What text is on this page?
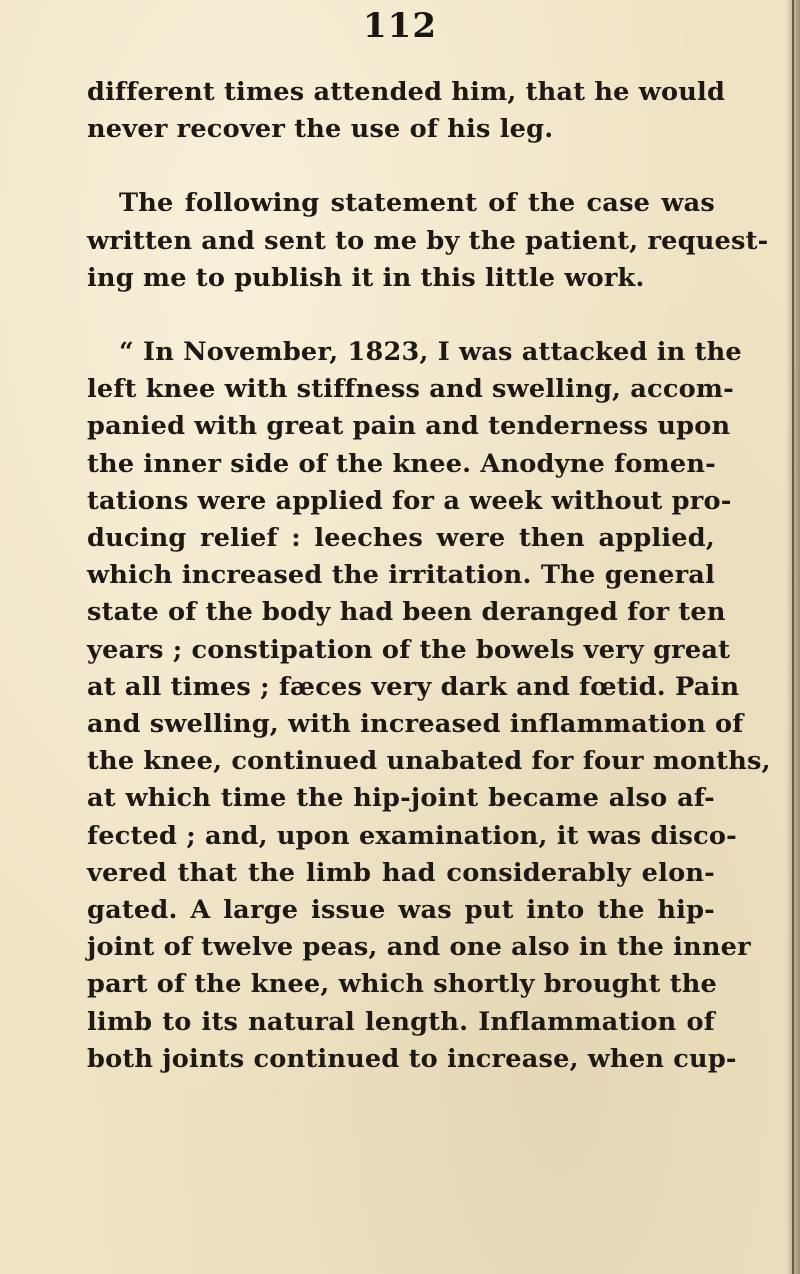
112
different times attended him, that he would
never recover the use of his leg.
The following statement of the case was
written and sent to me by the patient, request-
ing me to publish it in this little work.
“ In November, 1823, I was attacked in the
left knee with stiffness and swelling, accom-
panied with great pain and tenderness upon
the inner side of the knee. Anodyne fomen-
tations were applied for a week without pro-
ducing relief : leeches were then applied,
which increased the irritation. The general
state of the body had been deranged for ten
years ; constipation of the bowels very great
at all times ; fæces very dark and fœtid. Pain
and swelling, with increased inflammation of
the knee, continued unabated for four months,
at which time the hip-joint became also af-
fected ; and, upon examination, it was disco-
vered that the limb had considerably elon-
gated. A large issue was put into the hip-
joint of twelve peas, and one also in the inner
part of the knee, which shortly brought the
limb to its natural length. Inflammation of
both joints continued to increase, when cup-
